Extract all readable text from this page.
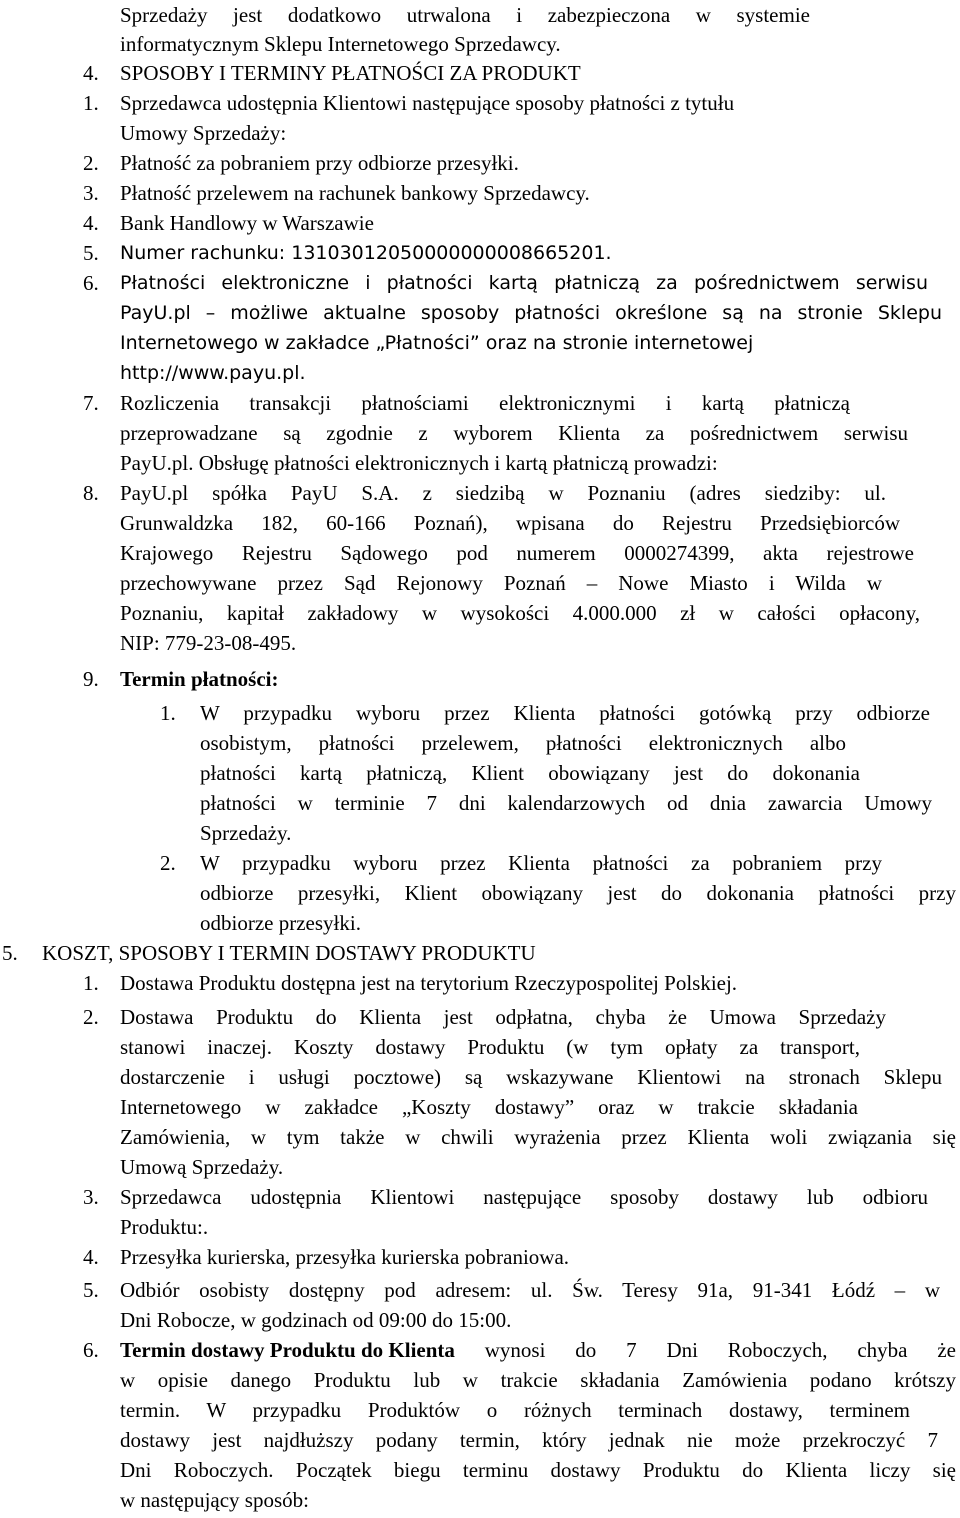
Sprzedaży jest dodatkowo utrwalona i zabezpieczona w systemie
informatycznym Sklepu Internetowego Sprzedawcy.
4. SPOSOBY I TERMINY PŁATNOŚCI ZA PRODUKT
1. Sprzedawca udostępnia Klientowi następujące sposoby płatności z tytułu
Umowy Sprzedaży:
2. Płatność za pobraniem przy odbiorze przesyłki.
3. Płatność przelewem na rachunek bankowy Sprzedawcy.
4. Bank Handlowy w Warszawie
5. Numer rachunku: 13103012050000000008665201.
6. Płatności elektroniczne i płatności kartą płatniczą za pośrednictwem serwisu
PayU.pl – możliwe aktualne sposoby płatności określone są na stronie Sklepu
Internetowego w zakładce „Płatności” oraz na stronie internetowej
http://www.payu.pl.
7. Rozliczenia transakcji płatnościami elektronicznymi i kartą płatniczą
przeprowadzane są zgodnie z wyborem Klienta za pośrednictwem serwisu
PayU.pl. Obsługę płatności elektronicznych i kartą płatniczą prowadzi:
8. PayU.pl spółka PayU S.A. z siedzibą w Poznaniu (adres siedziby: ul.
Grunwaldzka 182, 60-166 Poznań), wpisana do Rejestru Przedsiębiorców
Krajowego Rejestru Sądowego pod numerem 0000274399, akta rejestrowe
przechowywane przez Sąd Rejonowy Poznań – Nowe Miasto i Wilda w
Poznaniu, kapitał zakładowy w wysokości 4.000.000 zł w całości opłacony,
NIP: 779-23-08-495.
9. Termin płatności:
1. W przypadku wyboru przez Klienta płatności gotówką przy odbiorze
osobistym, płatności przelewem, płatności elektronicznych albo
płatności kartą płatniczą, Klient obowiązany jest do dokonania
płatności w terminie 7 dni kalendarzowych od dnia zawarcia Umowy
Sprzedaży.
2. W przypadku wyboru przez Klienta płatności za pobraniem przy
odbiorze przesyłki, Klient obowiązany jest do dokonania płatności przy
odbiorze przesyłki.
5. KOSZT, SPOSOBY I TERMIN DOSTAWY PRODUKTU
1. Dostawa Produktu dostępna jest na terytorium Rzeczypospolitej Polskiej.
2. Dostawa Produktu do Klienta jest odpłatna, chyba że Umowa Sprzedaży
stanowi inaczej. Koszty dostawy Produktu (w tym opłaty za transport,
dostarczenie i usługi pocztowe) są wskazywane Klientowi na stronach Sklepu
Internetowego w zakładce „Koszty dostawy” oraz w trakcie składania
Zamówienia, w tym także w chwili wyrażenia przez Klienta woli związania się
Umową Sprzedaży.
3. Sprzedawca udostępnia Klientowi następujące sposoby dostawy lub odbioru
Produktu:.
4. Przesyłka kurierska, przesyłka kurierska pobraniowa.
5. Odbiór osobisty dostępny pod adresem: ul. Św. Teresy 91a, 91-341 Łódź – w
Dni Robocze, w godzinach od 09:00 do 15:00.
6. Termin dostawy Produktu do Klienta wynosi do 7 Dni Roboczych, chyba że
w opisie danego Produktu lub w trakcie składania Zamówienia podano krótszy
termin. W przypadku Produktów o różnych terminach dostawy, terminem
dostawy jest najdłuższy podany termin, który jednak nie może przekroczyć 7
Dni Roboczych. Początek biegu terminu dostawy Produktu do Klienta liczy się
w następujący sposób:
